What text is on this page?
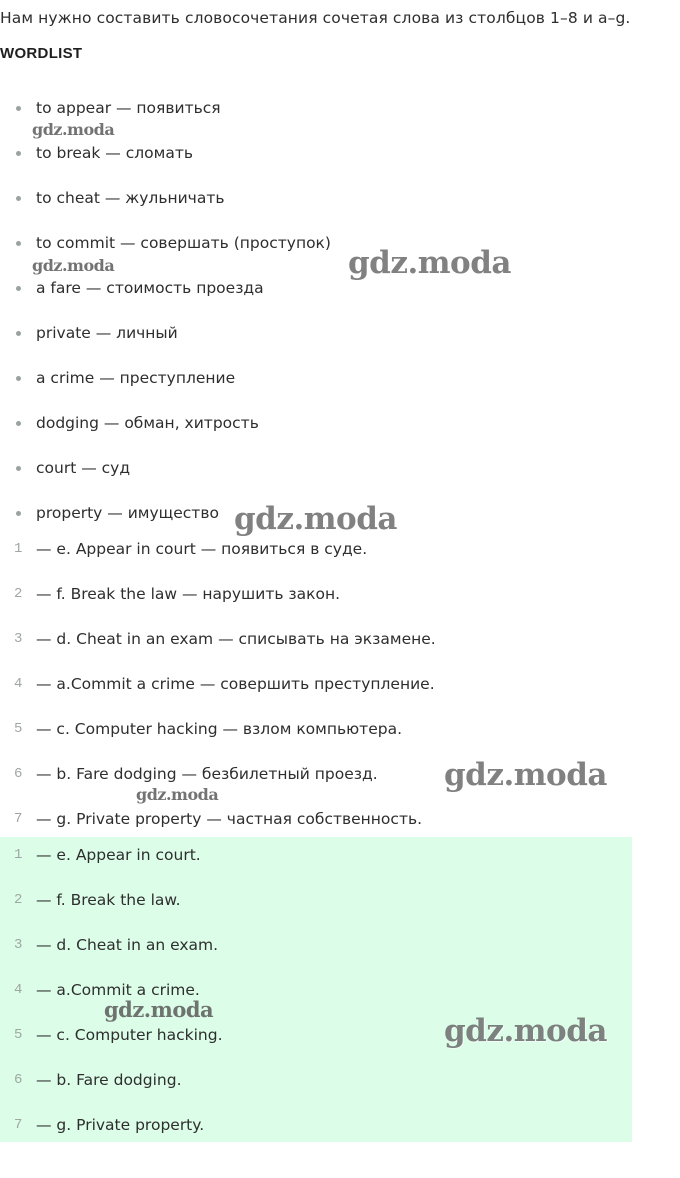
Нам нужно составить словосочетания сочетая слова из столбцов 1–8 и a–g.
WORDLIST
to appear — появиться
to break — сломать
to cheat — жульничать
to commit — совершать (проступок)
a fare — стоимость проезда
private — личный
a crime — преступление
dodging — обман, хитрость
court — суд
property — имущество
1 — e. Appear in court — появиться в суде.
2 — f. Break the law — нарушить закон.
3 — d. Cheat in an exam — списывать на экзамене.
4 — a.Commit a crime — совершить преступление.
5 — c. Computer hacking — взлом компьютера.
6 — b. Fare dodging — безбилетный проезд.
7 — g. Private property — частная собственность.
1 — e. Appear in court.
2 — f. Break the law.
3 — d. Cheat in an exam.
4 — a.Commit a crime.
5 — c. Computer hacking.
6 — b. Fare dodging.
7 — g. Private property.
gdz.moda
gdz.moda	gdz.moda
gdz.moda
gdz.moda
gdz.moda
gdz.moda
gdz.moda
